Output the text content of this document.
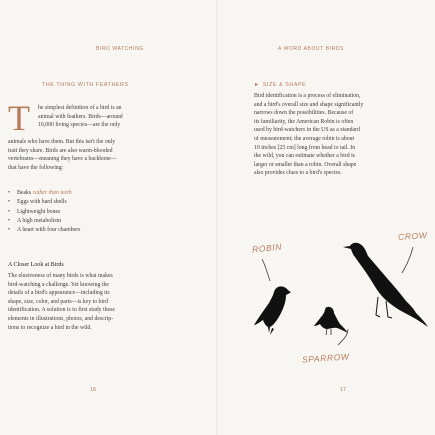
BIRD WATCHING
THE THING WITH FEATHERS
T he simplest definition of a bird is an
animal with feathers. Birds—around
10,000 living species—are the only
animals who have them. But this isn't the only
trait they share. Birds are also warm-blooded
vertebrates—meaning they have a backbone—
that have the following:
• Beaks rather than teeth
• Eggs with hard shells
• Lightweight bones
• A high metabolism
• A heart with four chambers
A Closer Look at Birds
The elusiveness of many birds is what makes
bird-watching a challenge. Yet knowing the
details of a bird's appearance—including its
shape, size, color, and parts—is key to bird
identification. A solution is to first study these
elements in illustrations, photos, and descrip-
tions to recognize a bird in the wild.
16
A WORD ABOUT BIRDS
► SIZE & SHAPE
Bird identification is a process of elimination,
and a bird's overall size and shape significantly
narrows down the possibilities. Because of
its familiarity, the American Robin is often
used by bird-watchers in the US as a standard
of measurement; the average robin is about
10 inches [25 cm] long from head to tail. In
the wild, you can estimate whether a bird is
larger or smaller than a robin. Overall shape
also provides clues to a bird's species.
ROBIN
CROW
SPARROW
17
